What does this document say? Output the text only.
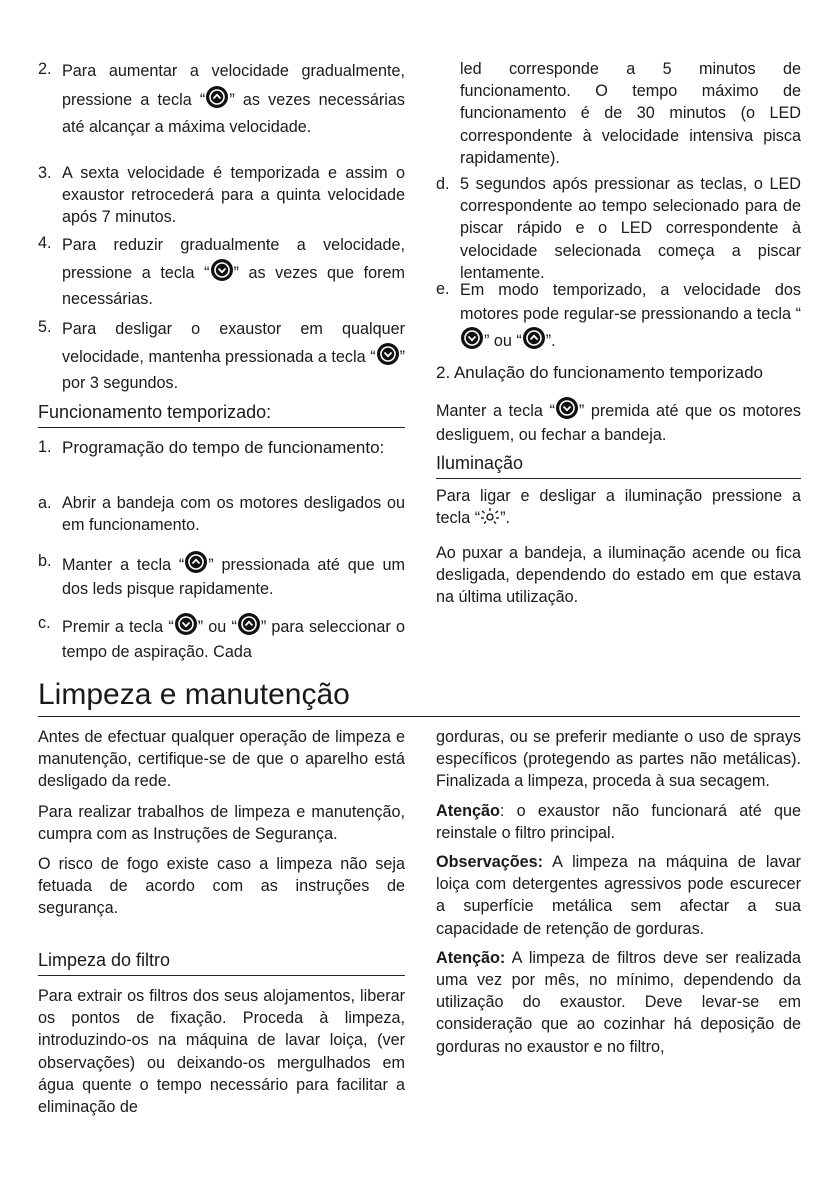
2. Para aumentar a velocidade gradualmente, pressione a tecla “ ” as vezes necessárias até alcançar a máxima velocidade.
3. A sexta velocidade é temporizada e assim o exaustor retrocederá para a quinta velocidade após 7 minutos.
4. Para reduzir gradualmente a velocidade, pressione a tecla “ ” as vezes que forem necessárias.
5. Para desligar o exaustor em qualquer velocidade, mantenha pressionada a tecla “ ” por 3 segundos.
Funcionamento temporizado:
1. Programação do tempo de funcionamento:
a. Abrir a bandeja com os motores desligados ou em funcionamento.
b. Manter a tecla “ ” pressionada até que um dos leds pisque rapidamente.
c. Premir a tecla “ ” ou “ ” para seleccionar o tempo de aspiração. Cada

led corresponde a 5 minutos de funcionamento. O tempo máximo de funcionamento é de 30 minutos (o LED correspondente à velocidade intensiva pisca rapidamente).

d. 5 segundos após pressionar as teclas, o LED correspondente ao tempo selecionado para de piscar rápido e o LED correspondente à velocidade selecionada começa a piscar lentamente.
e. Em modo temporizado, a velocidade dos motores pode regular-se pressionando a tecla “” ou “ ”.
2. Anulação do funcionamento temporizado

Manter a tecla “ ” premida até que os motores desliguem, ou fechar a bandeja.

Iluminação

Para ligar e desligar a iluminação pressione a tecla “ ”.

Ao puxar a bandeja, a iluminação acende ou fica desligada, dependendo do estado em que estava na última utilização.

Limpeza e manutenção

Antes de efectuar qualquer operação de limpeza e manutenção, certifique-se de que o aparelho está desligado da rede.

Para realizar trabalhos de limpeza e manutenção, cumpra com as Instruções de Segurança.

O risco de fogo existe caso a limpeza não seja fetuada de acordo com as instruções de segurança.

Limpeza do filtro

Para extrair os filtros dos seus alojamentos, liberar os pontos de fixação. Proceda à limpeza, introduzindo-os na máquina de lavar loiça, (ver observações) ou deixando-os mergulhados em água quente o tempo necessário para facilitar a eliminação de

gorduras, ou se preferir mediante o uso de sprays específicos (protegendo as partes não metálicas). Finalizada a limpeza, proceda à sua secagem.

Atenção: o exaustor não funcionará até que reinstale o filtro principal.

Observações: A limpeza na máquina de lavar loiça com detergentes agressivos pode escurecer a superfície metálica sem afectar a sua capacidade de retenção de gorduras.

Atenção: A limpeza de filtros deve ser realizada uma vez por mês, no mínimo, dependendo da utilização do exaustor. Deve levar-se em consideração que ao cozinhar há deposição de gorduras no exaustor e no filtro,
